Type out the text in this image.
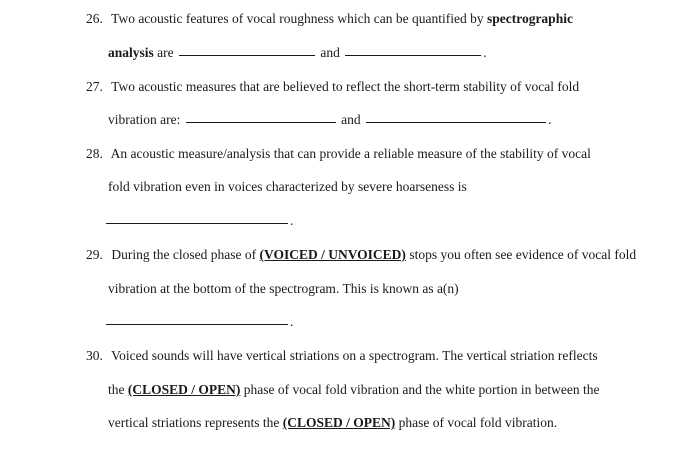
26. Two acoustic features of vocal roughness which can be quantified by spectrographic
analysis are	and	.
27. Two acoustic measures that are believed to reflect the short-term stability of vocal fold
vibration are:	and	.
28. An acoustic measure/analysis that can provide a reliable measure of the stability of vocal
fold vibration even in voices characterized by severe hoarseness is
.
29. During the closed phase of (VOICED / UNVOICED) stops you often see evidence of vocal fold
vibration at the bottom of the spectrogram. This is known as a(n)
.
30. Voiced sounds will have vertical striations on a spectrogram. The vertical striation reflects
the (CLOSED / OPEN) phase of vocal fold vibration and the white portion in between the
vertical striations represents the (CLOSED / OPEN) phase of vocal fold vibration.
